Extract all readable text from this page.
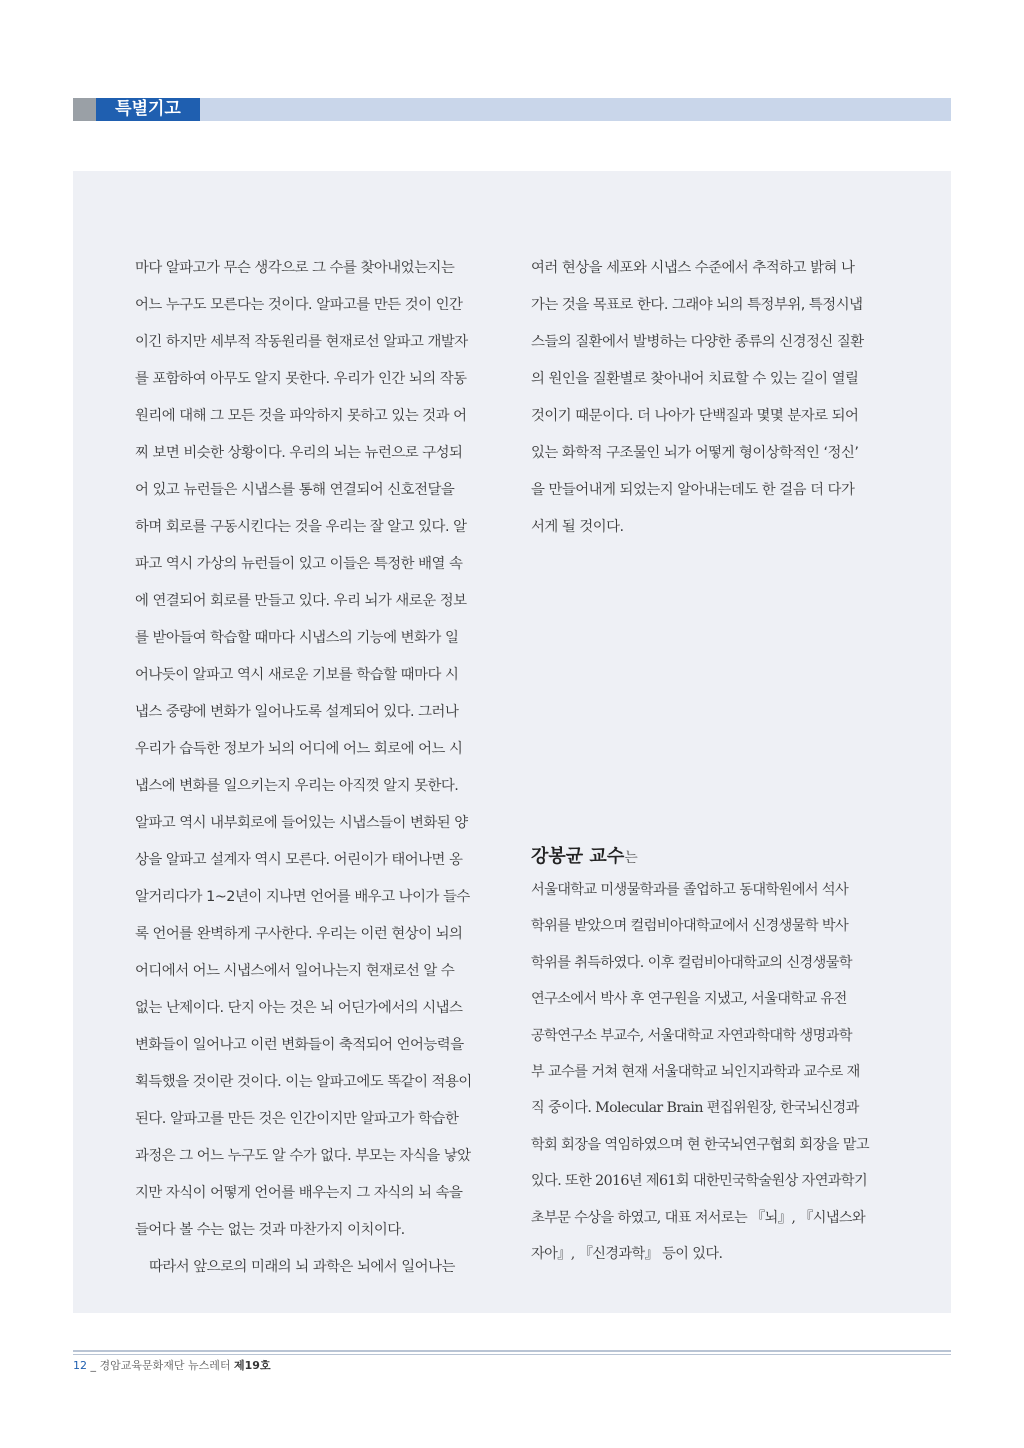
특별기고
마다 알파고가 무슨 생각으로 그 수를 찾아내었는지는
어느 누구도 모른다는 것이다. 알파고를 만든 것이 인간
이긴 하지만 세부적 작동원리를 현재로선 알파고 개발자
를 포함하여 아무도 알지 못한다. 우리가 인간 뇌의 작동
원리에 대해 그 모든 것을 파악하지 못하고 있는 것과 어
찌 보면 비슷한 상황이다. 우리의 뇌는 뉴런으로 구성되
어 있고 뉴런들은 시냅스를 통해 연결되어 신호전달을
하며 회로를 구동시킨다는 것을 우리는 잘 알고 있다. 알
파고 역시 가상의 뉴런들이 있고 이들은 특정한 배열 속
에 연결되어 회로를 만들고 있다. 우리 뇌가 새로운 정보
를 받아들여 학습할 때마다 시냅스의 기능에 변화가 일
어나듯이 알파고 역시 새로운 기보를 학습할 때마다 시
냅스 중량에 변화가 일어나도록 설계되어 있다. 그러나
우리가 습득한 정보가 뇌의 어디에 어느 회로에 어느 시
냅스에 변화를 일으키는지 우리는 아직껏 알지 못한다.
알파고 역시 내부회로에 들어있는 시냅스들이 변화된 양
상을 알파고 설계자 역시 모른다. 어린이가 태어나면 옹
알거리다가 1~2년이 지나면 언어를 배우고 나이가 들수
록 언어를 완벽하게 구사한다. 우리는 이런 현상이 뇌의
어디에서 어느 시냅스에서 일어나는지 현재로선 알 수
없는 난제이다. 단지 아는 것은 뇌 어딘가에서의 시냅스
변화들이 일어나고 이런 변화들이 축적되어 언어능력을
획득했을 것이란 것이다. 이는 알파고에도 똑같이 적용이
된다. 알파고를 만든 것은 인간이지만 알파고가 학습한
과정은 그 어느 누구도 알 수가 없다. 부모는 자식을 낳았
지만 자식이 어떻게 언어를 배우는지 그 자식의 뇌 속을
들어다 볼 수는 없는 것과 마찬가지 이치이다.
따라서 앞으로의 미래의 뇌 과학은 뇌에서 일어나는
여러 현상을 세포와 시냅스 수준에서 추적하고 밝혀 나
가는 것을 목표로 한다. 그래야 뇌의 특정부위, 특정시냅
스들의 질환에서 발병하는 다양한 종류의 신경정신 질환
의 원인을 질환별로 찾아내어 치료할 수 있는 길이 열릴
것이기 때문이다. 더 나아가 단백질과 몇몇 분자로 되어
있는 화학적 구조물인 뇌가 어떻게 형이상학적인 ‘정신’
을 만들어내게 되었는지 알아내는데도 한 걸음 더 다가
서게 될 것이다.
강봉균 교수는
서울대학교 미생물학과를 졸업하고 동대학원에서 석사
학위를 받았으며 컬럼비아대학교에서 신경생물학 박사
학위를 취득하였다. 이후 컬럼비아대학교의 신경생물학
연구소에서 박사 후 연구원을 지냈고, 서울대학교 유전
공학연구소 부교수, 서울대학교 자연과학대학 생명과학
부 교수를 거쳐 현재 서울대학교 뇌인지과학과 교수로 재
직 중이다. Molecular Brain 편집위원장, 한국뇌신경과
학회 회장을 역임하였으며 현 한국뇌연구협회 회장을 맡고
있다. 또한 2016년 제61회 대한민국학술원상 자연과학기
초부문 수상을 하였고, 대표 저서로는 『뇌』, 『시냅스와
자아』, 『신경과학』 등이 있다.
12 _ 경암교육문화재단 뉴스레터 제19호
